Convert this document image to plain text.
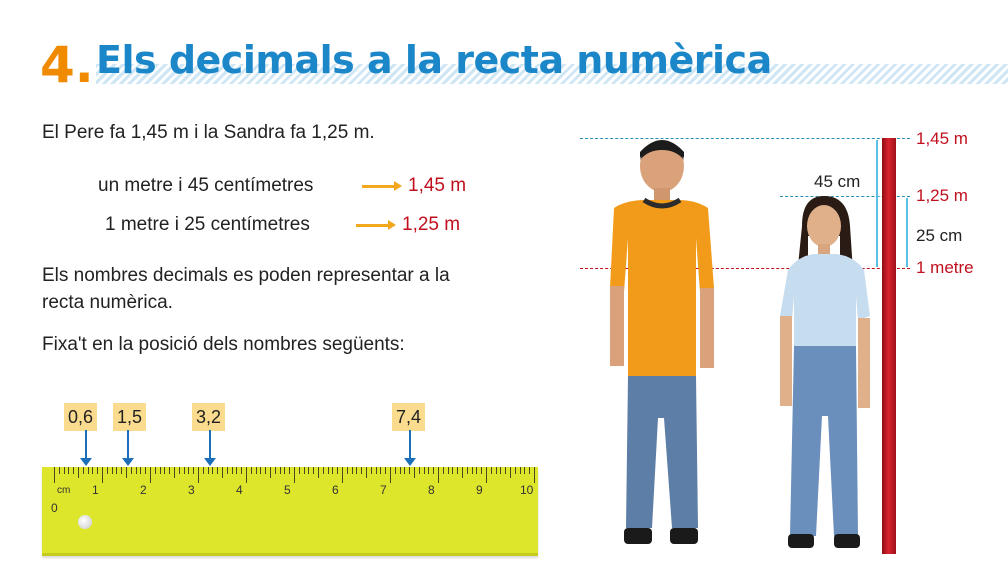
4. Els decimals a la recta numèrica
El Pere fa 1,45 m i la Sandra fa 1,25 m.
un metre i 45 centímetres	1,45 m
1 metre i 25 centímetres	1,25 m
Els nombres decimals es poden representar a la
recta numèrica.
Fixa't en la posició dels nombres següents:
0,6 1,5	3,2	7,4
cm
0
1	2	3	4	5	6	7	8	9	10
1,45 m
1,25 m
1 metre
45 cm
25 cm
